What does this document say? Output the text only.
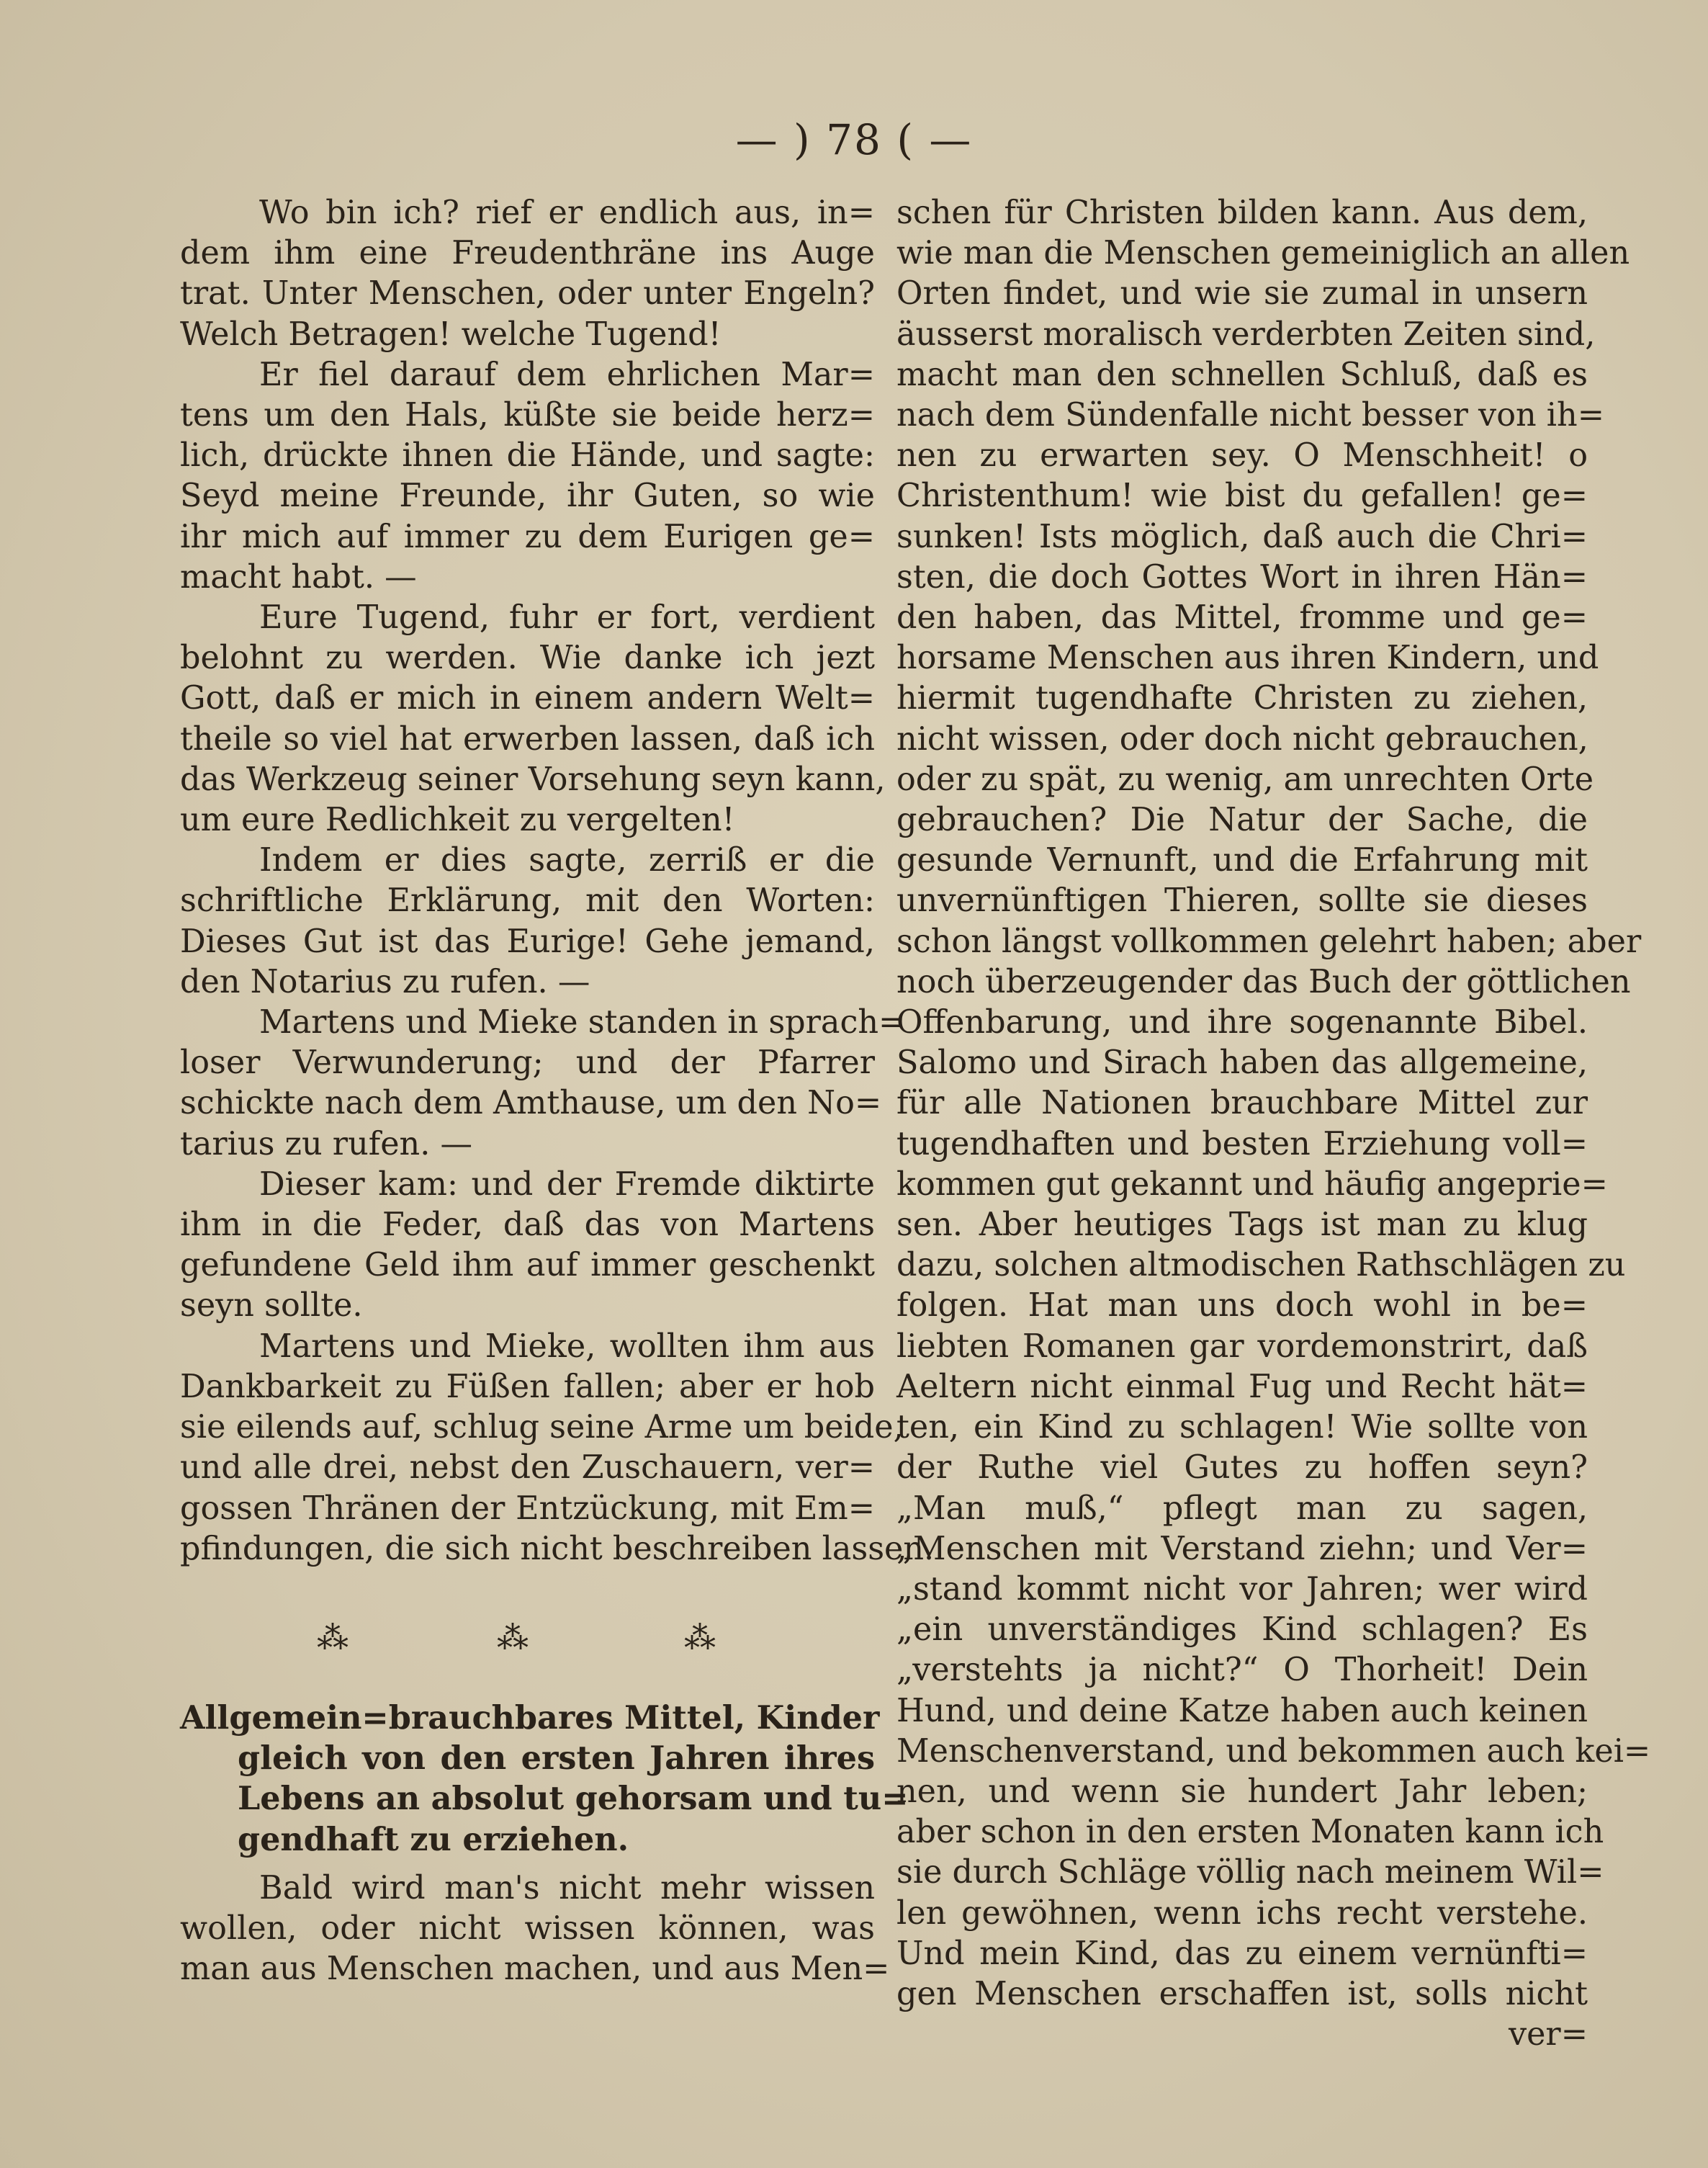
— ) 78 ( —
Wo bin ich? rief er endlich aus, in=
dem ihm eine Freudenthräne ins Auge
trat. Unter Menschen, oder unter Engeln?
Welch Betragen! welche Tugend!
Er fiel darauf dem ehrlichen Mar=
tens um den Hals, küßte sie beide herz=
lich, drückte ihnen die Hände, und sagte:
Seyd meine Freunde, ihr Guten, so wie
ihr mich auf immer zu dem Eurigen ge=
macht habt. —
Eure Tugend, fuhr er fort, verdient
belohnt zu werden. Wie danke ich jezt
Gott, daß er mich in einem andern Welt=
theile so viel hat erwerben lassen, daß ich
das Werkzeug seiner Vorsehung seyn kann,
um eure Redlichkeit zu vergelten!
Indem er dies sagte, zerriß er die
schriftliche Erklärung, mit den Worten:
Dieses Gut ist das Eurige! Gehe jemand,
den Notarius zu rufen. —
Martens und Mieke standen in sprach=
loser Verwunderung; und der Pfarrer
schickte nach dem Amthause, um den No=
tarius zu rufen. —
Dieser kam: und der Fremde diktirte
ihm in die Feder, daß das von Martens
gefundene Geld ihm auf immer geschenkt
seyn sollte.
Martens und Mieke, wollten ihm aus
Dankbarkeit zu Füßen fallen; aber er hob
sie eilends auf, schlug seine Arme um beide,
und alle drei, nebst den Zuschauern, ver=
gossen Thränen der Entzückung, mit Em=
pfindungen, die sich nicht beschreiben lassen.
⁂	⁂	⁂
Allgemein=brauchbares Mittel, Kinder
gleich von den ersten Jahren ihres
Lebens an absolut gehorsam und tu=
gendhaft zu erziehen.
Bald wird man's nicht mehr wissen
wollen, oder nicht wissen können, was
man aus Menschen machen, und aus Men=
schen für Christen bilden kann. Aus dem,
wie man die Menschen gemeiniglich an allen
Orten findet, und wie sie zumal in unsern
äusserst moralisch verderbten Zeiten sind,
macht man den schnellen Schluß, daß es
nach dem Sündenfalle nicht besser von ih=
nen zu erwarten sey. O Menschheit! o
Christenthum! wie bist du gefallen! ge=
sunken! Ists möglich, daß auch die Chri=
sten, die doch Gottes Wort in ihren Hän=
den haben, das Mittel, fromme und ge=
horsame Menschen aus ihren Kindern, und
hiermit tugendhafte Christen zu ziehen,
nicht wissen, oder doch nicht gebrauchen,
oder zu spät, zu wenig, am unrechten Orte
gebrauchen? Die Natur der Sache, die
gesunde Vernunft, und die Erfahrung mit
unvernünftigen Thieren, sollte sie dieses
schon längst vollkommen gelehrt haben; aber
noch überzeugender das Buch der göttlichen
Offenbarung, und ihre sogenannte Bibel.
Salomo und Sirach haben das allgemeine,
für alle Nationen brauchbare Mittel zur
tugendhaften und besten Erziehung voll=
kommen gut gekannt und häufig angeprie=
sen. Aber heutiges Tags ist man zu klug
dazu, solchen altmodischen Rathschlägen zu
folgen. Hat man uns doch wohl in be=
liebten Romanen gar vordemonstrirt, daß
Aeltern nicht einmal Fug und Recht hät=
ten, ein Kind zu schlagen! Wie sollte von
der Ruthe viel Gutes zu hoffen seyn?
„Man muß,“ pflegt man zu sagen,
„Menschen mit Verstand ziehn; und Ver=
„stand kommt nicht vor Jahren; wer wird
„ein unverständiges Kind schlagen? Es
„verstehts ja nicht?“ O Thorheit! Dein
Hund, und deine Katze haben auch keinen
Menschenverstand, und bekommen auch kei=
nen, und wenn sie hundert Jahr leben;
aber schon in den ersten Monaten kann ich
sie durch Schläge völlig nach meinem Wil=
len gewöhnen, wenn ichs recht verstehe.
Und mein Kind, das zu einem vernünfti=
gen Menschen erschaffen ist, solls nicht
ver=
